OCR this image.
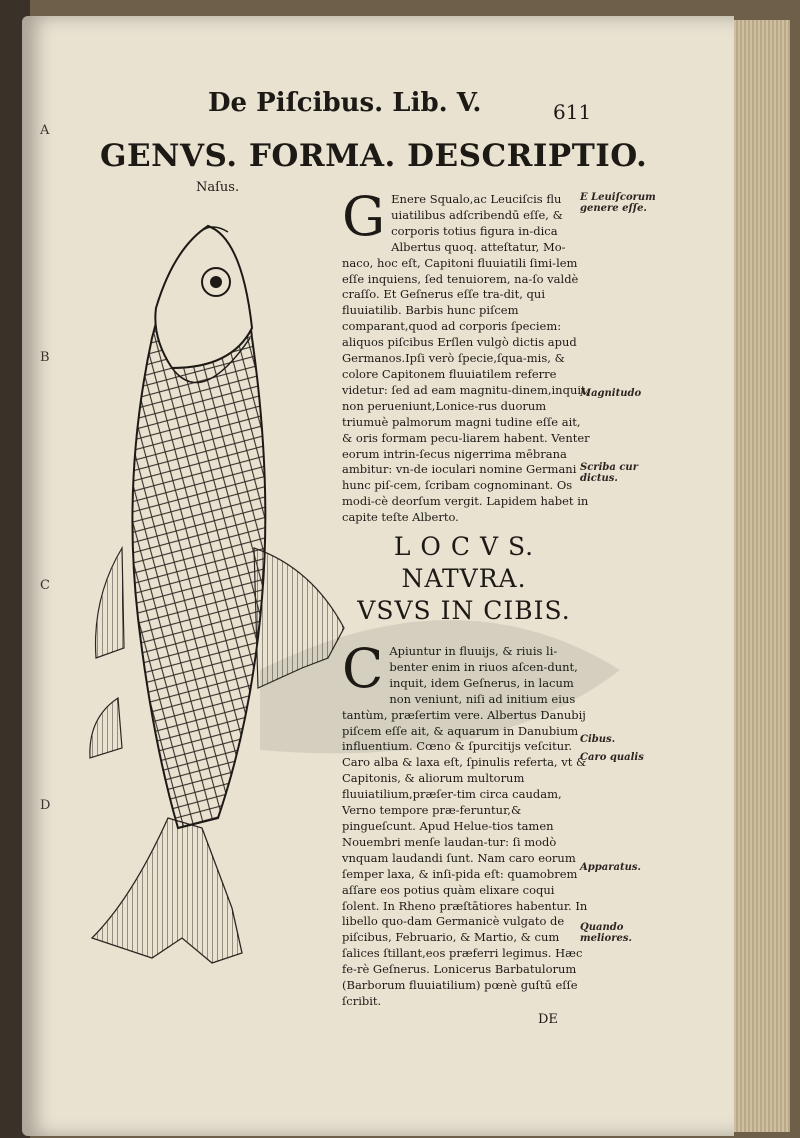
De Piſcibus. Lib. V.	611
GENVS. FORMA. DESCRIPTIO.
A
B
C
D
Naſus. G Enere Squalo,ac Leuciſcis flu uiatilibus adſcribendū eſſe, & corporis totius figura in-dica Albertus quoq. atteſtatur, Mo-naco, hoc eſt, Capitoni fluuiatili ſimi-lem eſſe inquiens, ſed tenuiorem, na-ſo valdè craſſo. Et Geſnerus eſſe tra-dit, qui fluuiatilib. Barbis hunc piſcem comparant,quod ad corporis ſpeciem: aliquos piſcibus Erſlen vulgò dictis apud Germanos.Ipſi verò ſpecie,ſqua-mis, & colore Capitonem fluuiatilem referre videtur: ſed ad eam magnitu-dinem,inquit, non perueniunt,Lonice-rus duorum triumuè palmorum magni tudine eſſe ait, & oris formam pecu-liarem habent. Venter eorum intrin-ſecus nigerrima mēbrana ambitur: vn-de ioculari nomine Germani hunc piſ-cem, ſcribam cognominant. Os modi-cè deorſum vergit. Lapidem habet in capite teſte Alberto.
L O C V S.
NATVRA.
VSVS IN CIBIS.
C Apiuntur in fluuijs, & riuis li-benter enim in riuos aſcen-dunt, inquit, idem Geſnerus, in lacum non veniunt, niſi ad initium eius tantùm, præſertim vere. Albertus Danubij piſcem eſſe ait, & aquarum in Danubium influentium. Cœno & ſpurcitijs veſcitur. Caro alba & laxa eſt, ſpinulis referta, vt & Capitonis, & aliorum multorum fluuiatilium,præſer-tim circa caudam, Verno tempore præ-feruntur,& pingueſcunt. Apud Helue-tios tamen Nouembri menſe laudan-tur: ſi modò vnquam laudandi ſunt. Nam caro eorum ſemper laxa, & inſi-pida eſt: quamobrem aſſare eos potius quàm elixare coqui ſolent. In Rheno præſtātiores habentur. In libello quo-dam Germanicè vulgato de piſcibus, Februario, & Martio, & cum ſalices ſtillant,eos præferri legimus. Hæc fe-rè Geſnerus. Lonicerus Barbatulorum (Barborum fluuiatilium) pœnè guſtū eſſe ſcribit.
E Leuiſcorum genere eſſe.
Magnitudo
Scriba cur dictus.
Cibus.
Caro qualis
Apparatus.
Quando meliores.
DE
